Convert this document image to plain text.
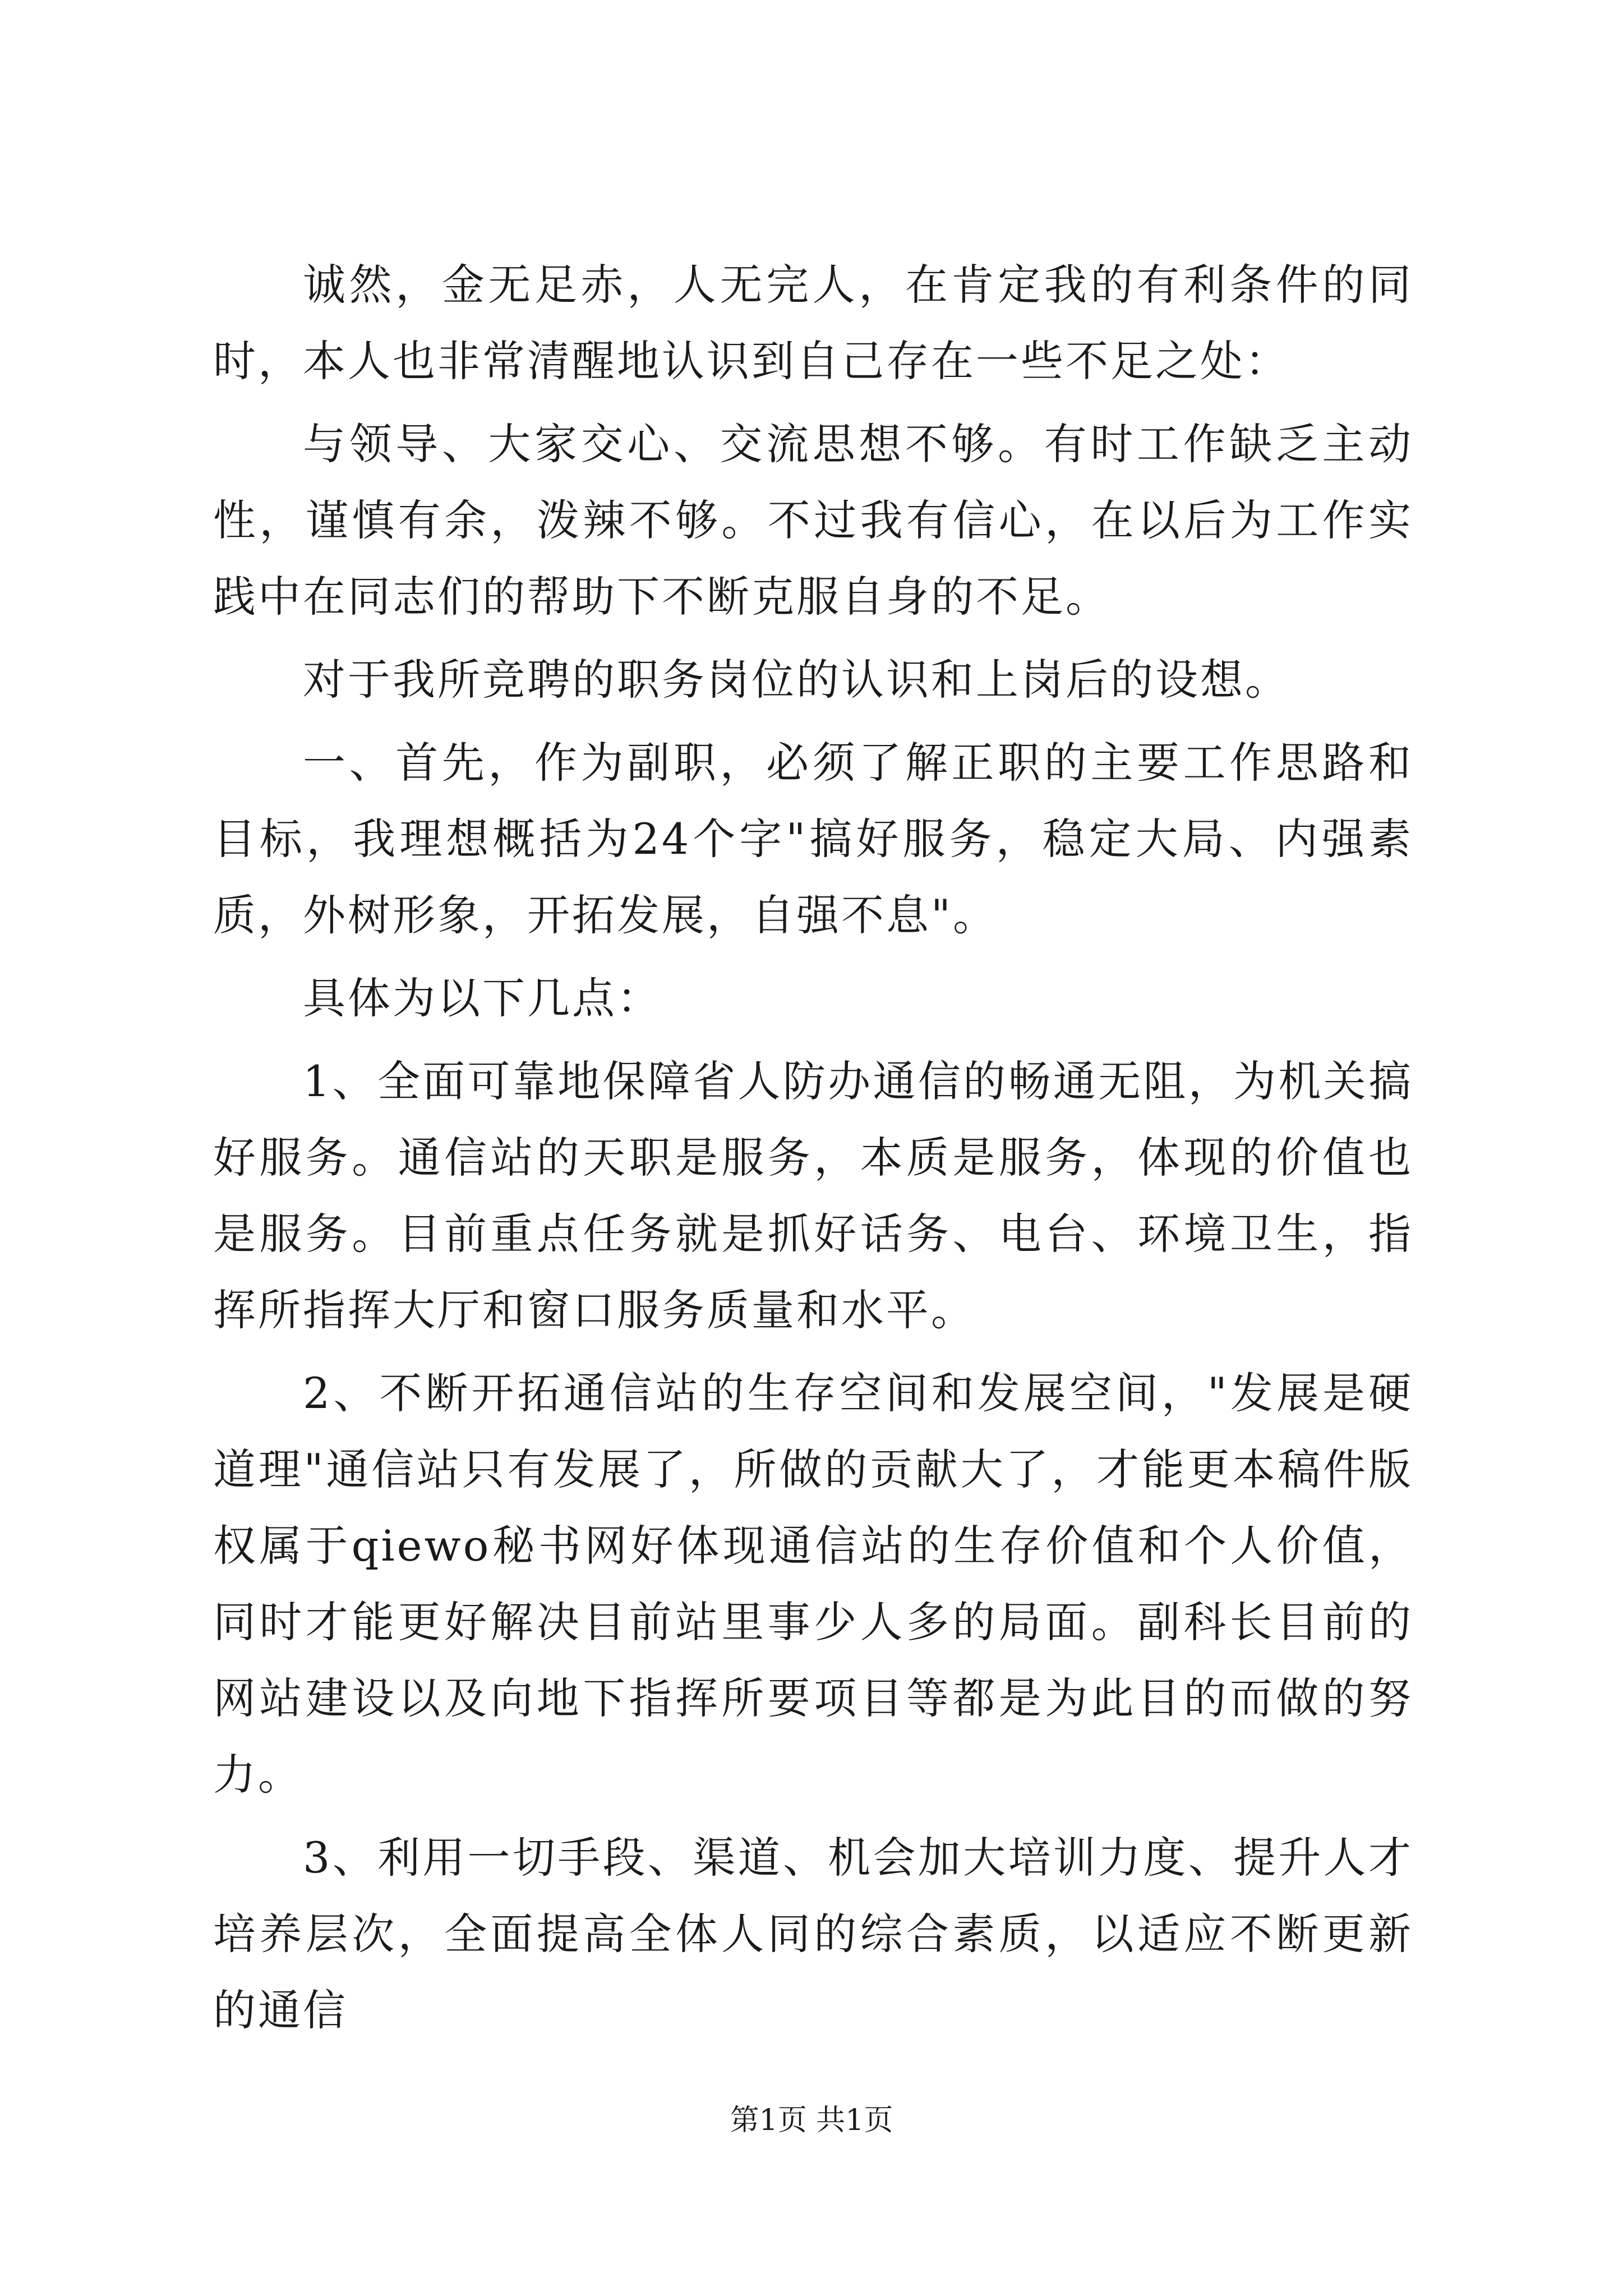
诚然，金无足赤，人无完人，在肯定我的有利条件的同时，本人也非常清醒地认识到自己存在一些不足之处：

与领导、大家交心、交流思想不够。有时工作缺乏主动性，谨慎有余，泼辣不够。不过我有信心，在以后为工作实践中在同志们的帮助下不断克服自身的不足。

对于我所竞聘的职务岗位的认识和上岗后的设想。

一、首先，作为副职，必须了解正职的主要工作思路和目标，我理想概括为24个字"搞好服务，稳定大局、内强素质，外树形象，开拓发展，自强不息"。

具体为以下几点：

1、全面可靠地保障省人防办通信的畅通无阻，为机关搞好服务。通信站的天职是服务，本质是服务，体现的价值也是服务。目前重点任务就是抓好话务、电台、环境卫生，指挥所指挥大厅和窗口服务质量和水平。

2、不断开拓通信站的生存空间和发展空间，"发展是硬道理"通信站只有发展了，所做的贡献大了，才能更本稿件版权属于qiewo秘书网好体现通信站的生存价值和个人价值，同时才能更好解决目前站里事少人多的局面。副科长目前的网站建设以及向地下指挥所要项目等都是为此目的而做的努力。

3、利用一切手段、渠道、机会加大培训力度、提升人才培养层次，全面提高全体人同的综合素质，以适应不断更新的通信

第1页 共1页
